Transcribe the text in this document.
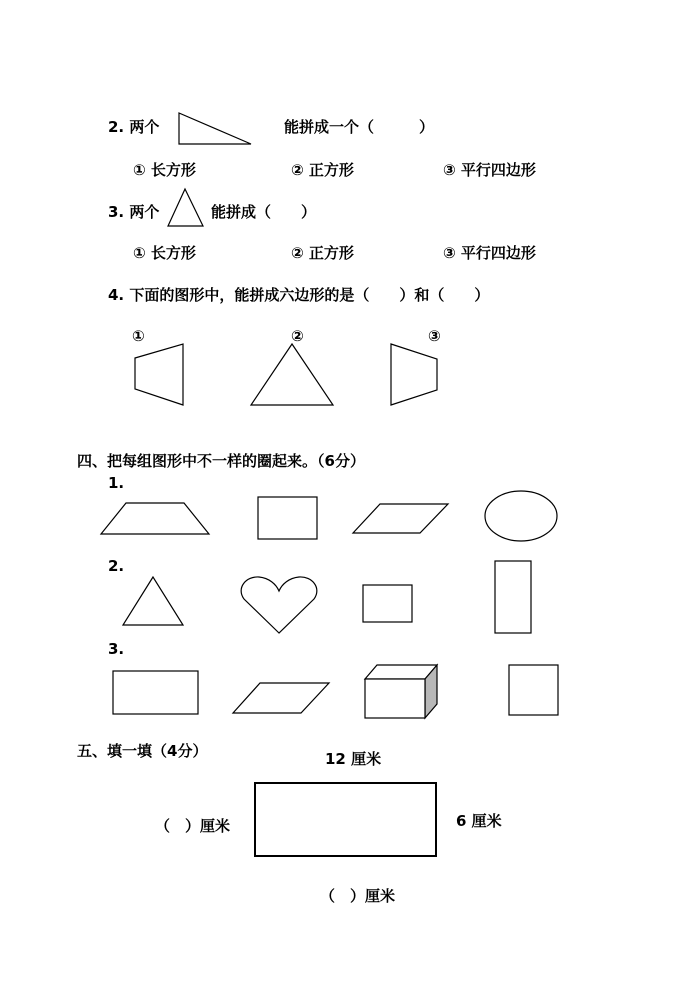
2. 两个	能拼成一个（　　　）
① 长方形	② 正方形	③ 平行四边形
3. 两个	能拼成（　　）
① 长方形	② 正方形	③ 平行四边形
4. 下面的图形中，能拼成六边形的是（　　）和（　　）
①	②	③
四、把每组图形中不一样的圈起来。（6分）
1.
2.
3.
五、填一填（4分）	12 厘米
（　）厘米	6 厘米
（　）厘米
